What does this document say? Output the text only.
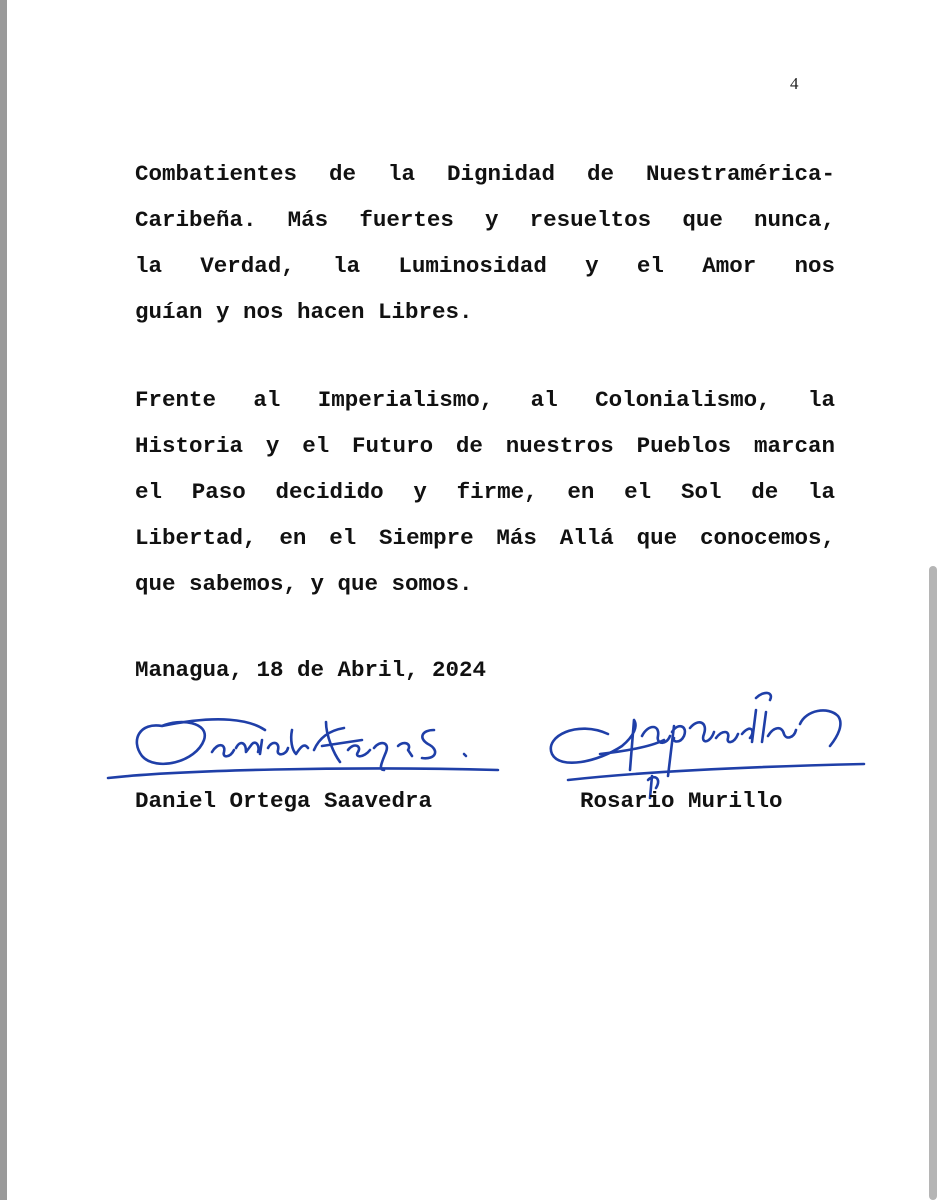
4
Combatientes de la Dignidad de Nuestramérica-
Caribeña. Más fuertes y resueltos que nunca,
la Verdad, la Luminosidad y el Amor nos
guían y nos hacen Libres.
Frente al Imperialismo, al Colonialismo, la
Historia y el Futuro de nuestros Pueblos marcan
el Paso decidido y firme, en el Sol de la
Libertad, en el Siempre Más Allá que conocemos,
que sabemos, y que somos.
Managua, 18 de Abril, 2024
Daniel Ortega Saavedra	Rosario Murillo
